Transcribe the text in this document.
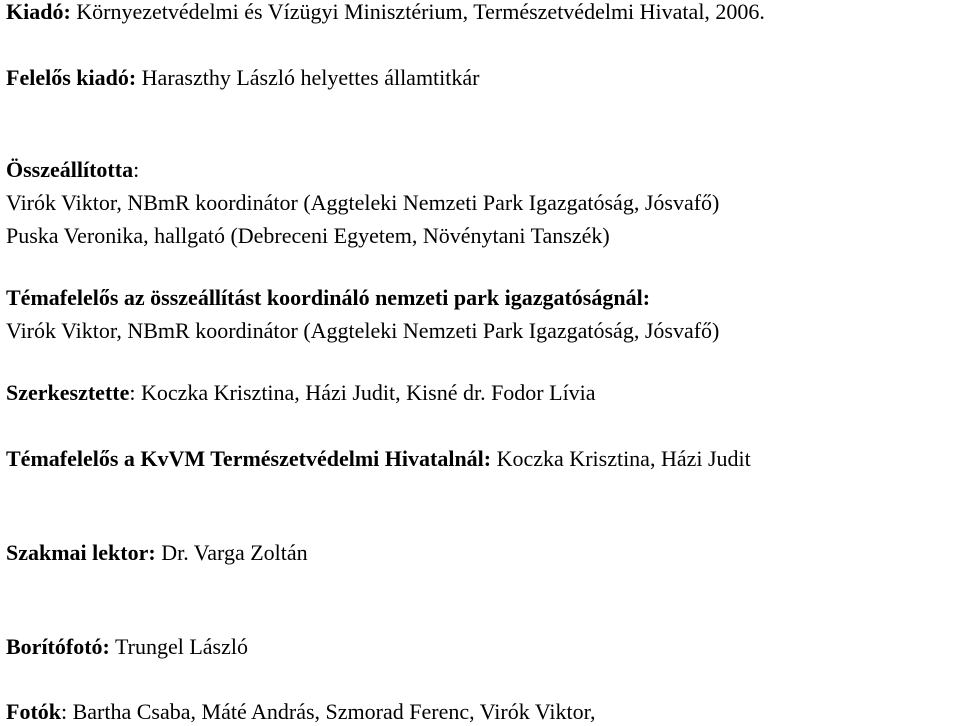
Kiadó: Környezetvédelmi és Vízügyi Minisztérium, Természetvédelmi Hivatal, 2006.
Felelős kiadó: Haraszthy László helyettes államtitkár
Összeállította:
Virók Viktor, NBmR koordinátor (Aggteleki Nemzeti Park Igazgatóság, Jósvafő)
Puska Veronika, hallgató (Debreceni Egyetem, Növénytani Tanszék)
Témafelelős az összeállítást koordináló nemzeti park igazgatóságnál:
Virók Viktor, NBmR koordinátor (Aggteleki Nemzeti Park Igazgatóság, Jósvafő)
Szerkesztette: Koczka Krisztina, Házi Judit, Kisné dr. Fodor Lívia
Témafelelős a KvVM Természetvédelmi Hivatalnál: Koczka Krisztina, Házi Judit
Szakmai lektor: Dr. Varga Zoltán
Borítófotó: Trungel László
Fotók: Bartha Csaba, Máté András, Szmorad Ferenc, Virók Viktor,
